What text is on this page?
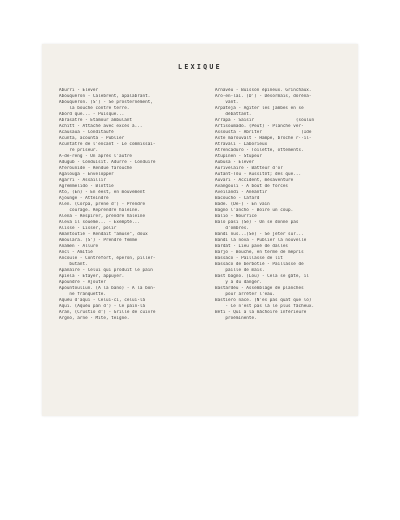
LEXIQUE
Aburri - Elever
Abouquéron - Calebrent, apalabrant.
Abouquéron. (S') - Se prosternément,
la bouche contre terre.
Abord que... - Puisque...
Abrasatre - Etamour ambulant
Achitt - Attaché avec excès à...
Acausaua - Conditaufé
Acunta, acounta - Publier
Acuntatre de l'encant - Le commissai-
re priseur.
A-de-reng - Un après l'autre
Adugub - Conduisit. Adurre - Conduire
Aferounide - Rendue farouche
Agalouga - Envelopper
Agarri - Assaillir
Agremmelido - Blottie
Ato, (En) - En éest, en mouvement
Ajounge - Atteindre
Alen. (Corpa, prene d') - Prendre
courage. Reprendre haleine.
Alena - Respirer, prendre haleine
Aleva il soueme... - Exempté...
Alisse - Lisser, polir
Amantoutié - Rendait "amuse", doux
Amoulara. (S') - Prendre femme
Anamen - Allure
Ancl - Amitié
Ancoule - Contrefort, éperon, piller-
butant.
Apanaire - Celui qui produit le pain
Apiela - Etayer, appuyer.
Apoundre - Ajouter
Apountouliun. (À la bano) - À la bon-
ne franquette.
Aquéu d'aqui - Celui-ci, celui-là
Aqui. (Aquéu pan d') - Ce pain-là
Aran, (Crustio d') - Grille de cuivre
Argno, arne - Mite, teigne.
Arnavéu - Buisson épineux. Grinchaux.
Aro-en-lai. (D') - Désormais, doréna-
vant.
Arpateja - Agiter les jambes en se
débattant.
Arrapa - Saisir                (soulun
Artisoumado. (Peut) - Planche ver-
Assousta - Abriter               (Ide
Aste marouvalt - Hampe, broche r··il-
Atravali - Laborieux
Atrencaduro - Toilette, ottements.
Atupinen - Stupeur
Aubusa - Elever
Aurivelaire - Batteur d'or
Autant-Tôu - Aussitôt; dès que...
Auvari - Accident, mésaventure
Avangouli - À bout de forces
Aveilandi - Anéantir
Bacoucho - Cafard
Bade. (De-) - En vain
Bagno l'ancho - Boire un coup.
Balio - Nourrice
Balo pasi (Se) - On se donne pas
d'ombres.
Bandi nus...(Se) - Se jeter sur...
Bandi la nova - Publier la nouvelle
Bardat - Lieu pavé de dalles
Barjo - Bouche, en terme de mépris
Bassaco - Paillasse de lit
Bassaco de berbotié - Paillasse de
paille de maïs.
Bast bagno. (Lou) - Cela se gâte, il
y a du danger.
Bastardéu - Assemblage de planches
pour arrêter l'eau.
Bastiero nace. (N'es pas quat que lo)
- Ce n'est pas là le plus fâcheux.
Béti - Qui a la mâchoire inférieure
proéminente.
